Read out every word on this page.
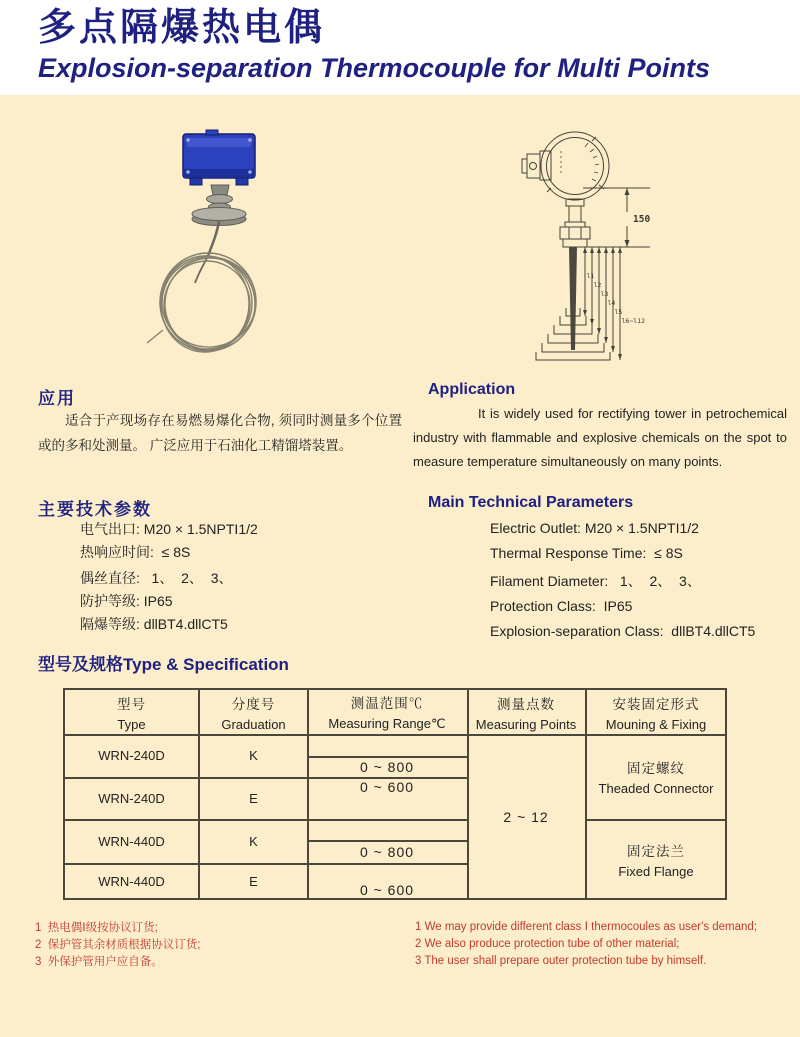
多点隔爆热电偶
Explosion-separation Thermocouple for Multi Points
150
l1
l2
l3
l4
l5
l6~l12
应用
适合于产现场存在易燃易爆化合物, 须同时测量多个位置或的多和处测量。 广泛应用于石油化工精馏塔装置。
Application
It is widely used for rectifying tower in petrochemical industry with flammable and explosive chemicals on the spot to measure temperature simultaneously on many points.
主要技术参数
电气出口: M20 × 1.5NPTI1/2
热响应时间:  ≤ 8S
偶丝直径:   1、  2、  3、
防护等级: IP65
隔爆等级: dllBT4.dllCT5
Main Technical Parameters
Electric Outlet: M20 × 1.5NPTI1/2
Thermal Response Time:  ≤ 8S
Filament Diameter:   1、  2、  3、
Protection Class:  IP65
Explosion-separation Class:  dllBT4.dllCT5
型号及规格Type & Specification
型号
Type
分度号
Graduation
测温范围℃
Measuring Range℃
测量点数
Measuring Points
安装固定形式
Mouning & Fixing
WRN-240D
WRN-240D
WRN-440D
WRN-440D
K
E
K
E
0 ~ 800
0 ~ 600
0 ~ 800
0 ~ 600
2 ~ 12
固定螺纹
Theaded Connector
固定法兰
Fixed Flange
1  热电偶Ⅰ级按协议订货;
2  保护管其余材质根据协议订货;
3  外保护管用户应自备。
1 We may provide different class Ⅰ thermocoules as user's demand;
2 We also produce protection tube of other material;
3 The user shall prepare outer protection tube by himself.
